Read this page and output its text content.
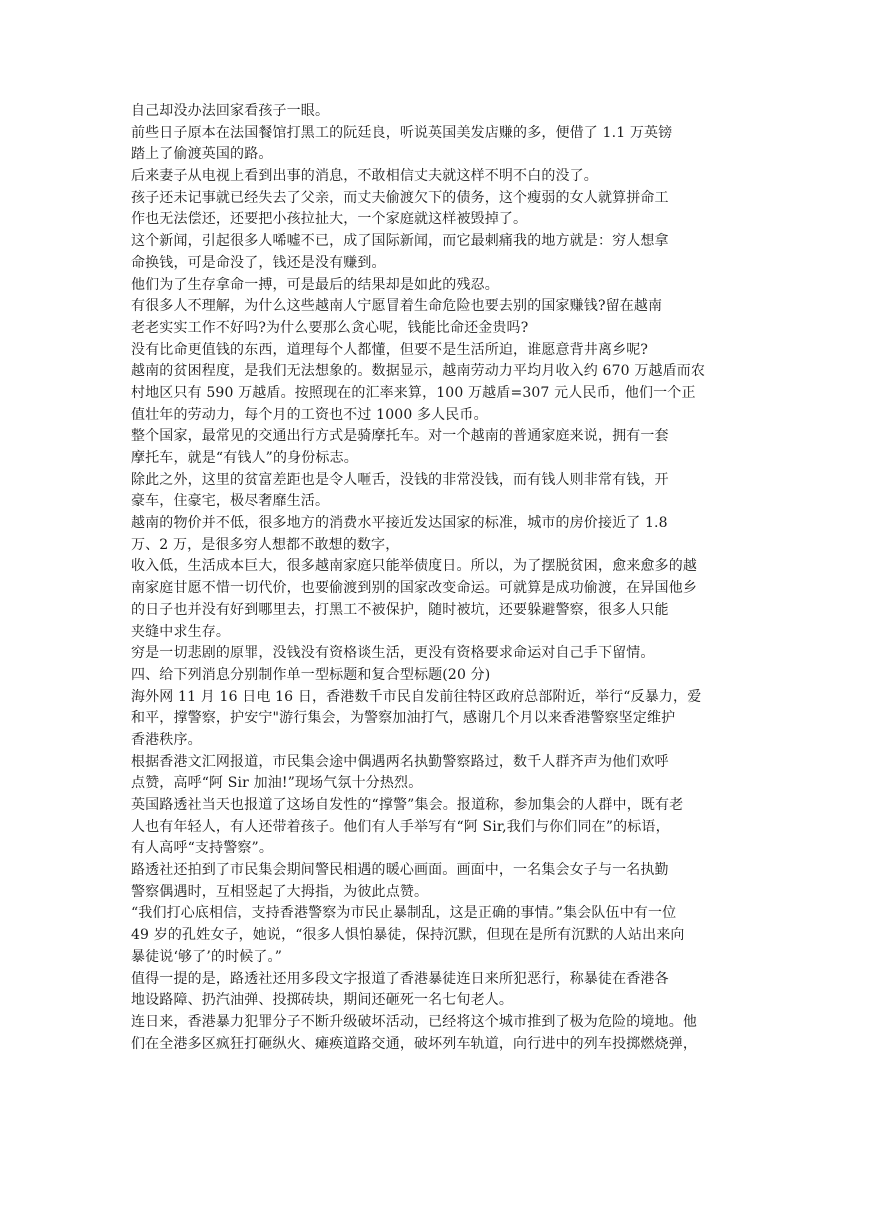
自己却没办法回家看孩子一眼。
前些日子原本在法国餐馆打黑工的阮廷良，听说英国美发店赚的多，便借了 1.1 万英镑
踏上了偷渡英国的路。
后来妻子从电视上看到出事的消息，不敢相信丈夫就这样不明不白的没了。
孩子还未记事就已经失去了父亲，而丈夫偷渡欠下的债务，这个瘦弱的女人就算拼命工
作也无法偿还，还要把小孩拉扯大，一个家庭就这样被毁掉了。
这个新闻，引起很多人唏嘘不已，成了国际新闻，而它最刺痛我的地方就是：穷人想拿
命换钱，可是命没了，钱还是没有赚到。
他们为了生存拿命一搏，可是最后的结果却是如此的残忍。
有很多人不理解，为什么这些越南人宁愿冒着生命危险也要去别的国家赚钱?留在越南
老老实实工作不好吗?为什么要那么贪心呢，钱能比命还金贵吗?
没有比命更值钱的东西，道理每个人都懂，但要不是生活所迫，谁愿意背井离乡呢?
越南的贫困程度，是我们无法想象的。数据显示，越南劳动力平均月收入约 670 万越盾而农
村地区只有 590 万越盾。按照现在的汇率来算，100 万越盾=307 元人民币，他们一个正
值壮年的劳动力，每个月的工资也不过 1000 多人民币。
整个国家，最常见的交通出行方式是骑摩托车。对一个越南的普通家庭来说，拥有一套
摩托车，就是“有钱人”的身份标志。
除此之外，这里的贫富差距也是令人咂舌，没钱的非常没钱，而有钱人则非常有钱，开
豪车，住豪宅，极尽奢靡生活。
越南的物价并不低，很多地方的消费水平接近发达国家的标准，城市的房价接近了 1.8
万、2 万，是很多穷人想都不敢想的数字，
收入低，生活成本巨大，很多越南家庭只能举债度日。所以，为了摆脱贫困，愈来愈多的越
南家庭甘愿不惜一切代价，也要偷渡到别的国家改变命运。可就算是成功偷渡，在异国他乡
的日子也并没有好到哪里去，打黑工不被保护，随时被坑，还要躲避警察，很多人只能
夹缝中求生存。
穷是一切悲剧的原罪，没钱没有资格谈生活，更没有资格要求命运对自己手下留情。
四、给下列消息分别制作单一型标题和复合型标题(20 分)
海外网 11 月 16 日电 16 日，香港数千市民自发前往特区政府总部附近，举行“反暴力，爱
和平，撑警察，护安宁"游行集会，为警察加油打气，感谢几个月以来香港警察坚定维护
香港秩序。
根据香港文汇网报道，市民集会途中偶遇两名执勤警察路过，数千人群齐声为他们欢呼
点赞，高呼“阿 Sir 加油!”现场气氛十分热烈。
英国路透社当天也报道了这场自发性的“撑警”集会。报道称，参加集会的人群中，既有老
人也有年轻人，有人还带着孩子。他们有人手举写有“阿 Sir,我们与你们同在”的标语，
有人高呼“支持警察”。
路透社还拍到了市民集会期间警民相遇的暖心画面。画面中，一名集会女子与一名执勤
警察偶遇时，互相竖起了大拇指，为彼此点赞。
“我们打心底相信，支持香港警察为市民止暴制乱，这是正确的事情。”集会队伍中有一位
49 岁的孔姓女子，她说，“很多人惧怕暴徒，保持沉默，但现在是所有沉默的人站出来向
暴徒说‘够了’的时候了。”
值得一提的是，路透社还用多段文字报道了香港暴徒连日来所犯恶行，称暴徒在香港各
地设路障、扔汽油弹、投掷砖块，期间还砸死一名七旬老人。
连日来，香港暴力犯罪分子不断升级破坏活动，已经将这个城市推到了极为危险的境地。他
们在全港多区疯狂打砸纵火、瘫痪道路交通，破坏列车轨道，向行进中的列车投掷燃烧弹，
